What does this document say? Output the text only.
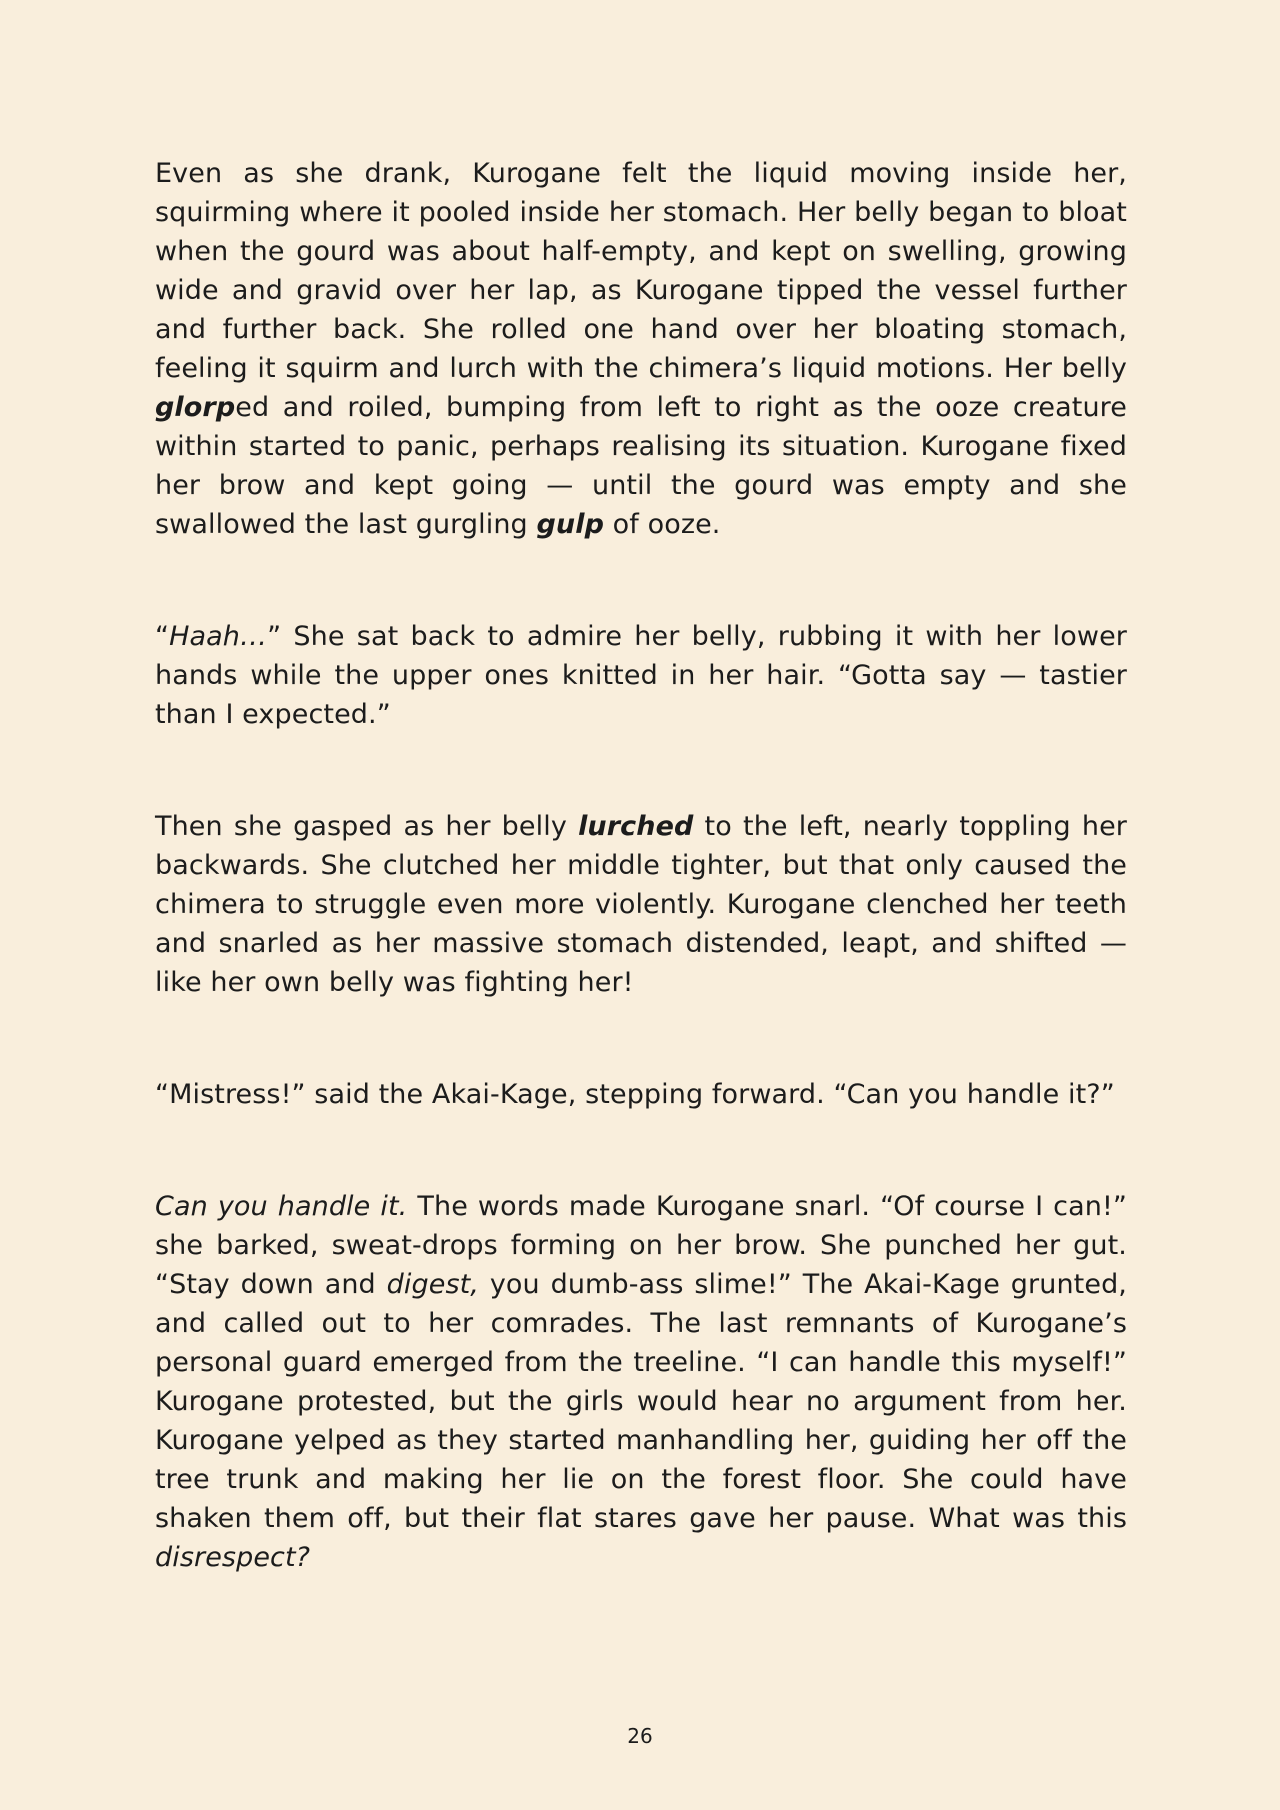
Even as she drank, Kurogane felt the liquid moving inside her, squirming where it pooled inside her stomach. Her belly began to bloat when the gourd was about half-empty, and kept on swelling, growing wide and gravid over her lap, as Kurogane tipped the vessel further and further back. She rolled one hand over her bloating stomach, feeling it squirm and lurch with the chimera’s liquid motions. Her belly glorped and roiled, bumping from left to right as the ooze creature within started to panic, perhaps realising its situation. Kurogane fixed her brow and kept going — until the gourd was empty and she swallowed the last gurgling gulp of ooze.

“Haah…” She sat back to admire her belly, rubbing it with her lower hands while the upper ones knitted in her hair. “Gotta say — tastier than I expected.”

Then she gasped as her belly lurched to the left, nearly toppling her backwards. She clutched her middle tighter, but that only caused the chimera to struggle even more violently. Kurogane clenched her teeth and snarled as her massive stomach distended, leapt, and shifted — like her own belly was fighting her!

“Mistress!” said the Akai-Kage, stepping forward. “Can you handle it?”

Can you handle it. The words made Kurogane snarl. “Of course I can!” she barked, sweat-drops forming on her brow. She punched her gut. “Stay down and digest, you dumb-ass slime!” The Akai-Kage grunted, and called out to her comrades. The last remnants of Kurogane’s personal guard emerged from the treeline. “I can handle this myself!” Kurogane protested, but the girls would hear no argument from her. Kurogane yelped as they started manhandling her, guiding her off the tree trunk and making her lie on the forest floor. She could have shaken them off, but their flat stares gave her pause. What was this disrespect?

26
